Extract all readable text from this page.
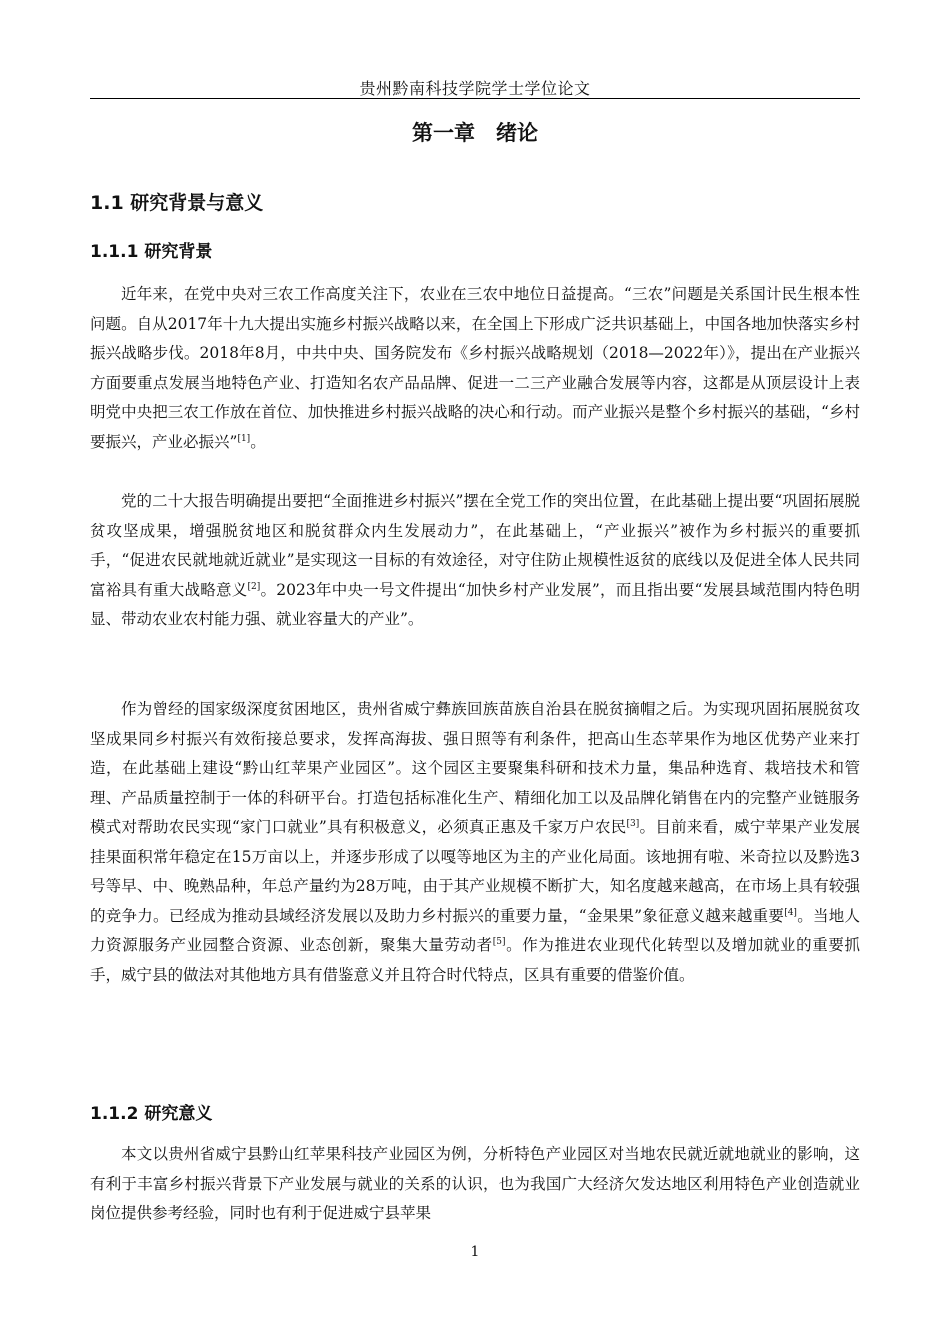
贵州黔南科技学院学士学位论文
第一章　绪论
1.1 研究背景与意义
1.1.1 研究背景

近年来，在党中央对三农工作高度关注下，农业在三农中地位日益提高。“三农”问题是关系国计民生根本性问题。自从2017年十九大提出实施乡村振兴战略以来，在全国上下形成广泛共识基础上，中国各地加快落实乡村振兴战略步伐。2018年8月，中共中央、国务院发布《乡村振兴战略规划（2018—2022年）》，提出在产业振兴方面要重点发展当地特色产业、打造知名农产品品牌、促进一二三产业融合发展等内容，这都是从顶层设计上表明党中央把三农工作放在首位、加快推进乡村振兴战略的决心和行动。而产业振兴是整个乡村振兴的基础，“乡村要振兴，产业必振兴”[1]。

党的二十大报告明确提出要把“全面推进乡村振兴”摆在全党工作的突出位置，在此基础上提出要“巩固拓展脱贫攻坚成果，增强脱贫地区和脱贫群众内生发展动力”，在此基础上，“产业振兴”被作为乡村振兴的重要抓手，“促进农民就地就近就业”是实现这一目标的有效途径，对守住防止规模性返贫的底线以及促进全体人民共同富裕具有重大战略意义[2]。2023年中央一号文件提出“加快乡村产业发展”，而且指出要“发展县域范围内特色明显、带动农业农村能力强、就业容量大的产业”。

作为曾经的国家级深度贫困地区，贵州省威宁彝族回族苗族自治县在脱贫摘帽之后。为实现巩固拓展脱贫攻坚成果同乡村振兴有效衔接总要求，发挥高海拔、强日照等有利条件，把高山生态苹果作为地区优势产业来打造，在此基础上建设“黔山红苹果产业园区”。这个园区主要聚集科研和技术力量，集品种选育、栽培技术和管理、产品质量控制于一体的科研平台。打造包括标准化生产、精细化加工以及品牌化销售在内的完整产业链服务模式对帮助农民实现“家门口就业”具有积极意义，必须真正惠及千家万户农民[3]。目前来看，威宁苹果产业发展挂果面积常年稳定在15万亩以上，并逐步形成了以嘎等地区为主的产业化局面。该地拥有啦、米奇拉以及黔选3号等早、中、晚熟品种，年总产量约为28万吨，由于其产业规模不断扩大，知名度越来越高，在市场上具有较强的竞争力。已经成为推动县域经济发展以及助力乡村振兴的重要力量，“金果果”象征意义越来越重要[4]。当地人力资源服务产业园整合资源、业态创新，聚集大量劳动者[5]。作为推进农业现代化转型以及增加就业的重要抓手，威宁县的做法对其他地方具有借鉴意义并且符合时代特点，区具有重要的借鉴价值。

1.1.2 研究意义

本文以贵州省威宁县黔山红苹果科技产业园区为例，分析特色产业园区对当地农民就近就地就业的影响，这有利于丰富乡村振兴背景下产业发展与就业的关系的认识，也为我国广大经济欠发达地区利用特色产业创造就业岗位提供参考经验，同时也有利于促进威宁县苹果

1
